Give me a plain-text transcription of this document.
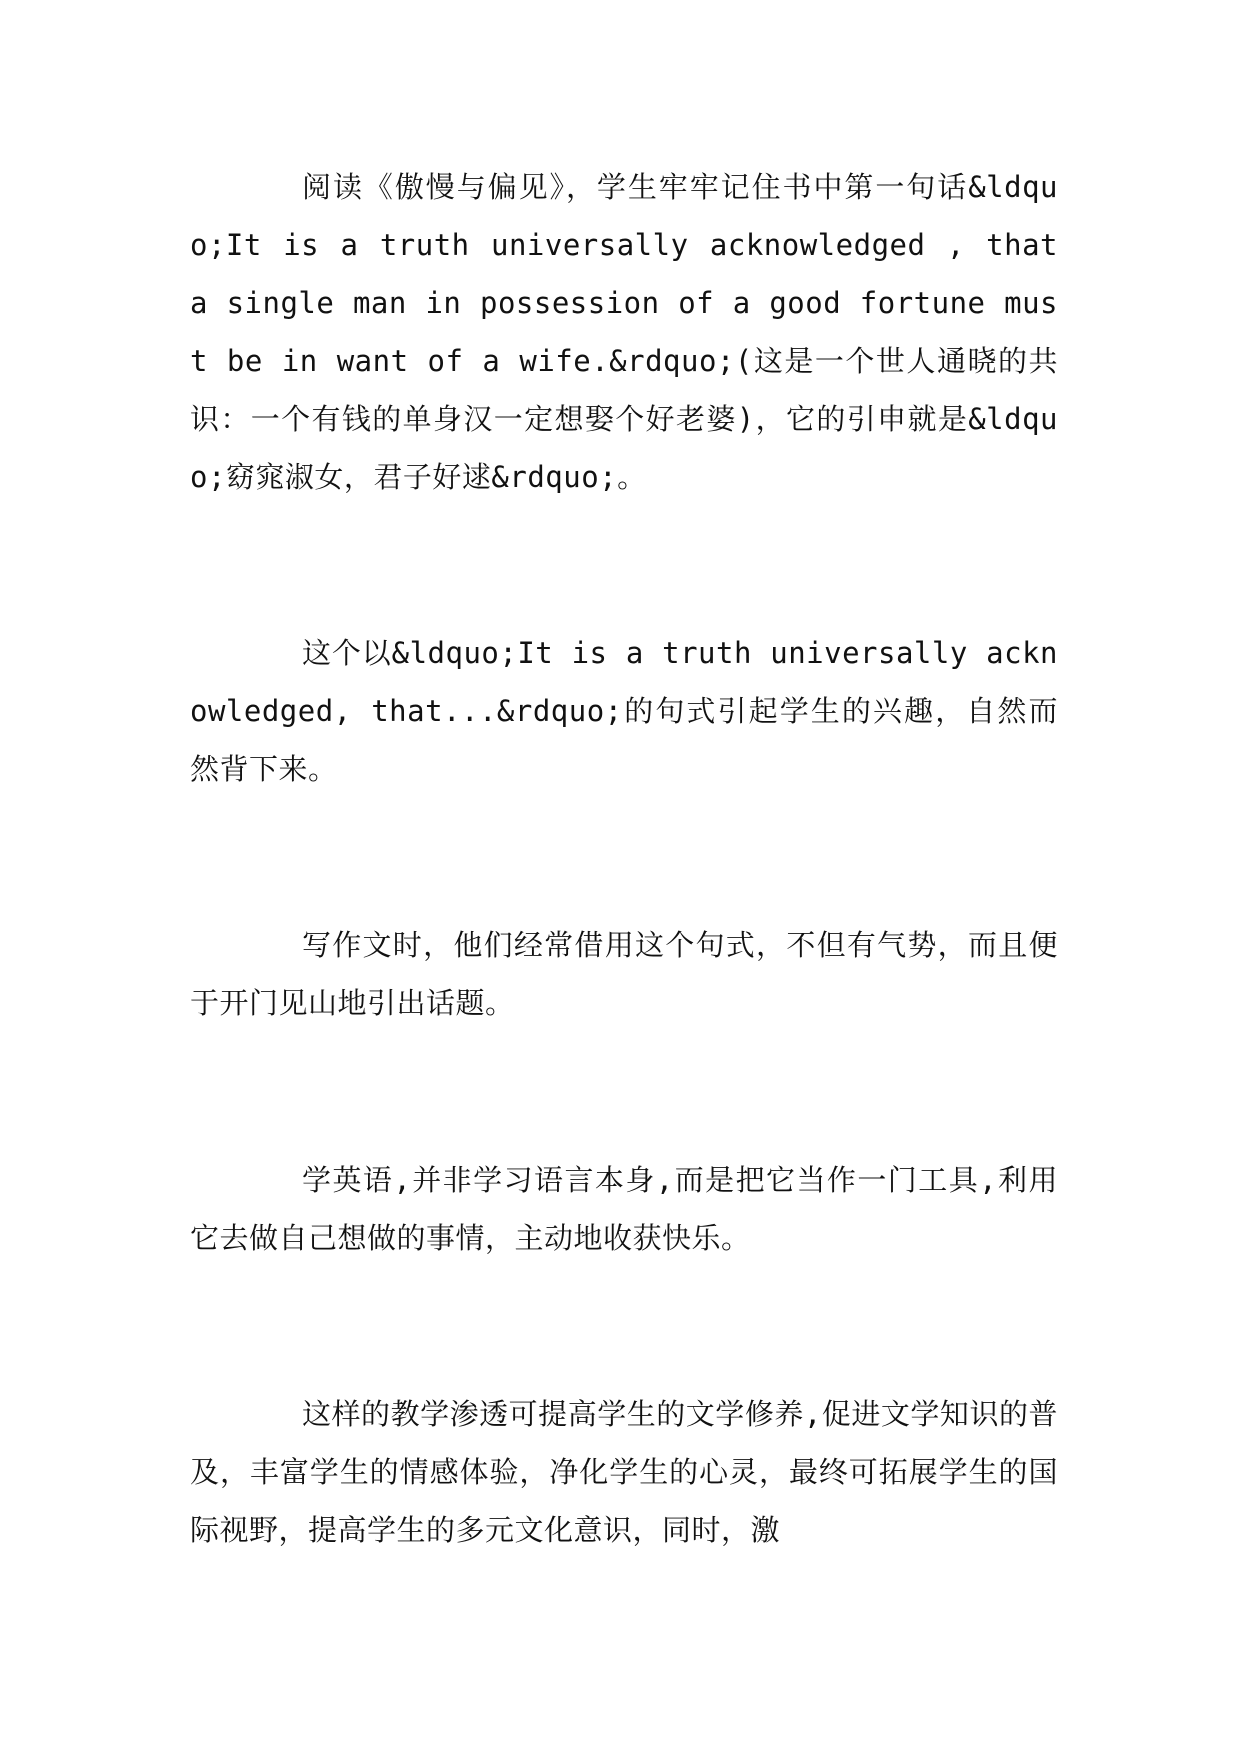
阅读《傲慢与偏见》，学生牢牢记住书中第一句话&ldquo;It is a truth universally acknowledged , that a single man in possession of a good fortune must be in want of a wife.&rdquo;(这是一个世人通晓的共识：一个有钱的单身汉一定想娶个好老婆)，它的引申就是&ldquo;窈窕淑女，君子好逑&rdquo;。

这个以&ldquo;It is a truth universally acknowledged, that...&rdquo;的句式引起学生的兴趣，自然而然背下来。

写作文时，他们经常借用这个句式，不但有气势，而且便于开门见山地引出话题。

学英语,并非学习语言本身,而是把它当作一门工具,利用它去做自己想做的事情，主动地收获快乐。

这样的教学渗透可提高学生的文学修养,促进文学知识的普及，丰富学生的情感体验，净化学生的心灵，最终可拓展学生的国际视野，提高学生的多元文化意识，同时，激
